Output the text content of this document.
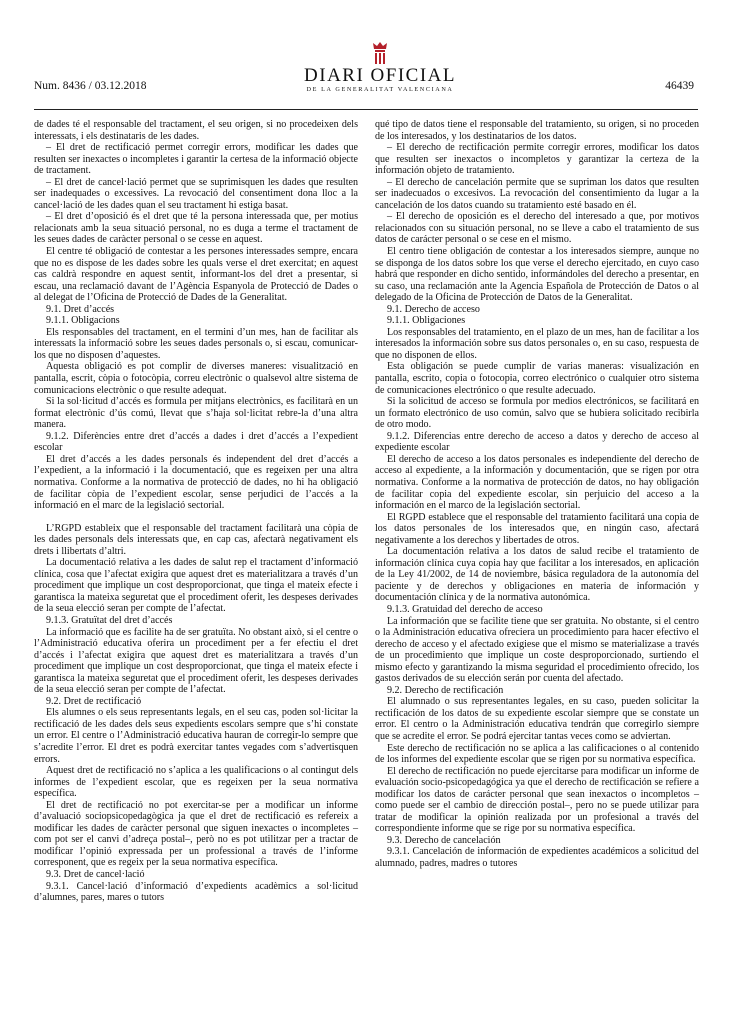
Num. 8436 / 03.12.2018	DIARI OFICIAL
DE LA GENERALITAT VALENCIANA	46439

de dades té el responsable del tractament, el seu origen, si no procedeixen dels interessats, i els destinataris de les dades.

– El dret de rectificació permet corregir errors, modificar les dades que resulten ser inexactes o incompletes i garantir la certesa de la informació objecte de tractament.

– El dret de cancel·lació permet que se suprimisquen les dades que resulten ser inadequades o excessives. La revocació del consentiment dona lloc a la cancel·lació de les dades quan el seu tractament hi estiga basat.

– El dret d’oposició és el dret que té la persona interessada que, per motius relacionats amb la seua situació personal, no es duga a terme el tractament de les seues dades de caràcter personal o se cesse en aquest.

El centre té obligació de contestar a les persones interessades sempre, encara que no es dispose de les dades sobre les quals verse el dret exercitat; en aquest cas caldrà respondre en aquest sentit, informant-los del dret a presentar, si escau, una reclamació davant de l’Agència Espanyola de Protecció de Dades o al delegat de l’Oficina de Protecció de Dades de la Generalitat.

9.1. Dret d’accés

9.1.1. Obligacions

Els responsables del tractament, en el termini d’un mes, han de facilitar als interessats la informació sobre les seues dades personals o, si escau, comunicar-los que no disposen d’aquestes.

Aquesta obligació es pot complir de diverses maneres: visualització en pantalla, escrit, còpia o fotocòpia, correu electrònic o qualsevol altre sistema de comunicacions electrònic o que resulte adequat.

Si la sol·licitud d’accés es formula per mitjans electrònics, es facilitarà en un format electrònic d’ús comú, llevat que s’haja sol·licitat rebre-la d’una altra manera.

9.1.2. Diferències entre dret d’accés a dades i dret d’accés a l’expedient escolar

El dret d’accés a les dades personals és independent del dret d’accés a l’expedient, a la informació i la documentació, que es regeixen per una altra normativa. Conforme a la normativa de protecció de dades, no hi ha obligació de facilitar còpia de l’expedient escolar, sense perjudici de l’accés a la informació en el marc de la legislació sectorial.

L’RGPD estableix que el responsable del tractament facilitarà una còpia de les dades personals dels interessats que, en cap cas, afectarà negativament els drets i llibertats d’altri.

La documentació relativa a les dades de salut rep el tractament d’informació clínica, cosa que l’afectat exigira que aquest dret es materialitzara a través d’un procediment que implique un cost desproporcionat, que tinga el mateix efecte i garantisca la mateixa seguretat que el procediment oferit, les despeses derivades de la seua elecció seran per compte de l’afectat.

9.1.3. Gratuïtat del dret d’accés

La informació que es facilite ha de ser gratuïta. No obstant això, si el centre o l’Administració educativa oferira un procediment per a fer efectiu el dret d’accés i l’afectat exigira que aquest dret es materialitzara a través d’un procediment que implique un cost desproporcionat, que tinga el mateix efecte i garantisca la mateixa seguretat que el procediment oferit, les despeses derivades de la seua elecció seran per compte de l’afectat.

9.2. Dret de rectificació

Els alumnes o els seus representants legals, en el seu cas, poden sol·licitar la rectificació de les dades dels seus expedients escolars sempre que s’hi constate un error. El centre o l’Administració educativa hauran de corregir-lo sempre que s’acredite l’error. El dret es podrà exercitar tantes vegades com s’advertisquen errors.

Aquest dret de rectificació no s’aplica a les qualificacions o al contingut dels informes de l’expedient escolar, que es regeixen per la seua normativa específica.

El dret de rectificació no pot exercitar-se per a modificar un informe d’avaluació sociopsicopedagògica ja que el dret de rectificació es refereix a modificar les dades de caràcter personal que siguen inexactes o incompletes –com pot ser el canvi d’adreça postal–, però no es pot utilitzar per a tractar de modificar l’opinió expressada per un professional a través de l’informe corresponent, que es regeix per la seua normativa específica.

9.3. Dret de cancel·lació

9.3.1. Cancel·lació d’informació d’expedients acadèmics a sol·licitud d’alumnes, pares, mares o tutors

qué tipo de datos tiene el responsable del tratamiento, su origen, si no proceden de los interesados, y los destinatarios de los datos.

– El derecho de rectificación permite corregir errores, modificar los datos que resulten ser inexactos o incompletos y garantizar la certeza de la información objeto de tratamiento.

– El derecho de cancelación permite que se supriman los datos que resulten ser inadecuados o excesivos. La revocación del consentimiento da lugar a la cancelación de los datos cuando su tratamiento esté basado en él.

– El derecho de oposición es el derecho del interesado a que, por motivos relacionados con su situación personal, no se lleve a cabo el tratamiento de sus datos de carácter personal o se cese en el mismo.

El centro tiene obligación de contestar a los interesados siempre, aunque no se disponga de los datos sobre los que verse el derecho ejercitado, en cuyo caso habrá que responder en dicho sentido, informándoles del derecho a presentar, en su caso, una reclamación ante la Agencia Española de Protección de Datos o al delegado de la Oficina de Protección de Datos de la Generalitat.

9.1. Derecho de acceso

9.1.1. Obligaciones

Los responsables del tratamiento, en el plazo de un mes, han de facilitar a los interesados la información sobre sus datos personales o, en su caso, respuesta de que no disponen de ellos.

Esta obligación se puede cumplir de varias maneras: visualización en pantalla, escrito, copia o fotocopia, correo electrónico o cualquier otro sistema de comunicaciones electrónico o que resulte adecuado.

Si la solicitud de acceso se formula por medios electrónicos, se facilitará en un formato electrónico de uso común, salvo que se hubiera solicitado recibirla de otro modo.

9.1.2. Diferencias entre derecho de acceso a datos y derecho de acceso al expediente escolar

El derecho de acceso a los datos personales es independiente del derecho de acceso al expediente, a la información y documentación, que se rigen por otra normativa. Conforme a la normativa de protección de datos, no hay obligación de facilitar copia del expediente escolar, sin perjuicio del acceso a la información en el marco de la legislación sectorial.

El RGPD establece que el responsable del tratamiento facilitará una copia de los datos personales de los interesados que, en ningún caso, afectará negativamente a los derechos y libertades de otros.

La documentación relativa a los datos de salud recibe el tratamiento de información clínica cuya copia hay que facilitar a los interesados, en aplicación de la Ley 41/2002, de 14 de noviembre, básica reguladora de la autonomía del paciente y de derechos y obligaciones en materia de información y documentación clínica y de la normativa autonómica.

9.1.3. Gratuidad del derecho de acceso

La información que se facilite tiene que ser gratuita. No obstante, si el centro o la Administración educativa ofreciera un procedimiento para hacer efectivo el derecho de acceso y el afectado exigiese que el mismo se materializase a través de un procedimiento que implique un coste desproporcionado, surtiendo el mismo efecto y garantizando la misma seguridad el procedimiento ofrecido, los gastos derivados de su elección serán por cuenta del afectado.

9.2. Derecho de rectificación

El alumnado o sus representantes legales, en su caso, pueden solicitar la rectificación de los datos de su expediente escolar siempre que se constate un error. El centro o la Administración educativa tendrán que corregirlo siempre que se acredite el error. Se podrá ejercitar tantas veces como se adviertan.

Este derecho de rectificación no se aplica a las calificaciones o al contenido de los informes del expediente escolar que se rigen por su normativa específica.

El derecho de rectificación no puede ejercitarse para modificar un informe de evaluación socio-psicopedagógica ya que el derecho de rectificación se refiere a modificar los datos de carácter personal que sean inexactos o incompletos –como puede ser el cambio de dirección postal–, pero no se puede utilizar para tratar de modificar la opinión realizada por un profesional a través del correspondiente informe que se rige por su normativa específica.

9.3. Derecho de cancelación

9.3.1. Cancelación de información de expedientes académicos a solicitud del alumnado, padres, madres o tutores
